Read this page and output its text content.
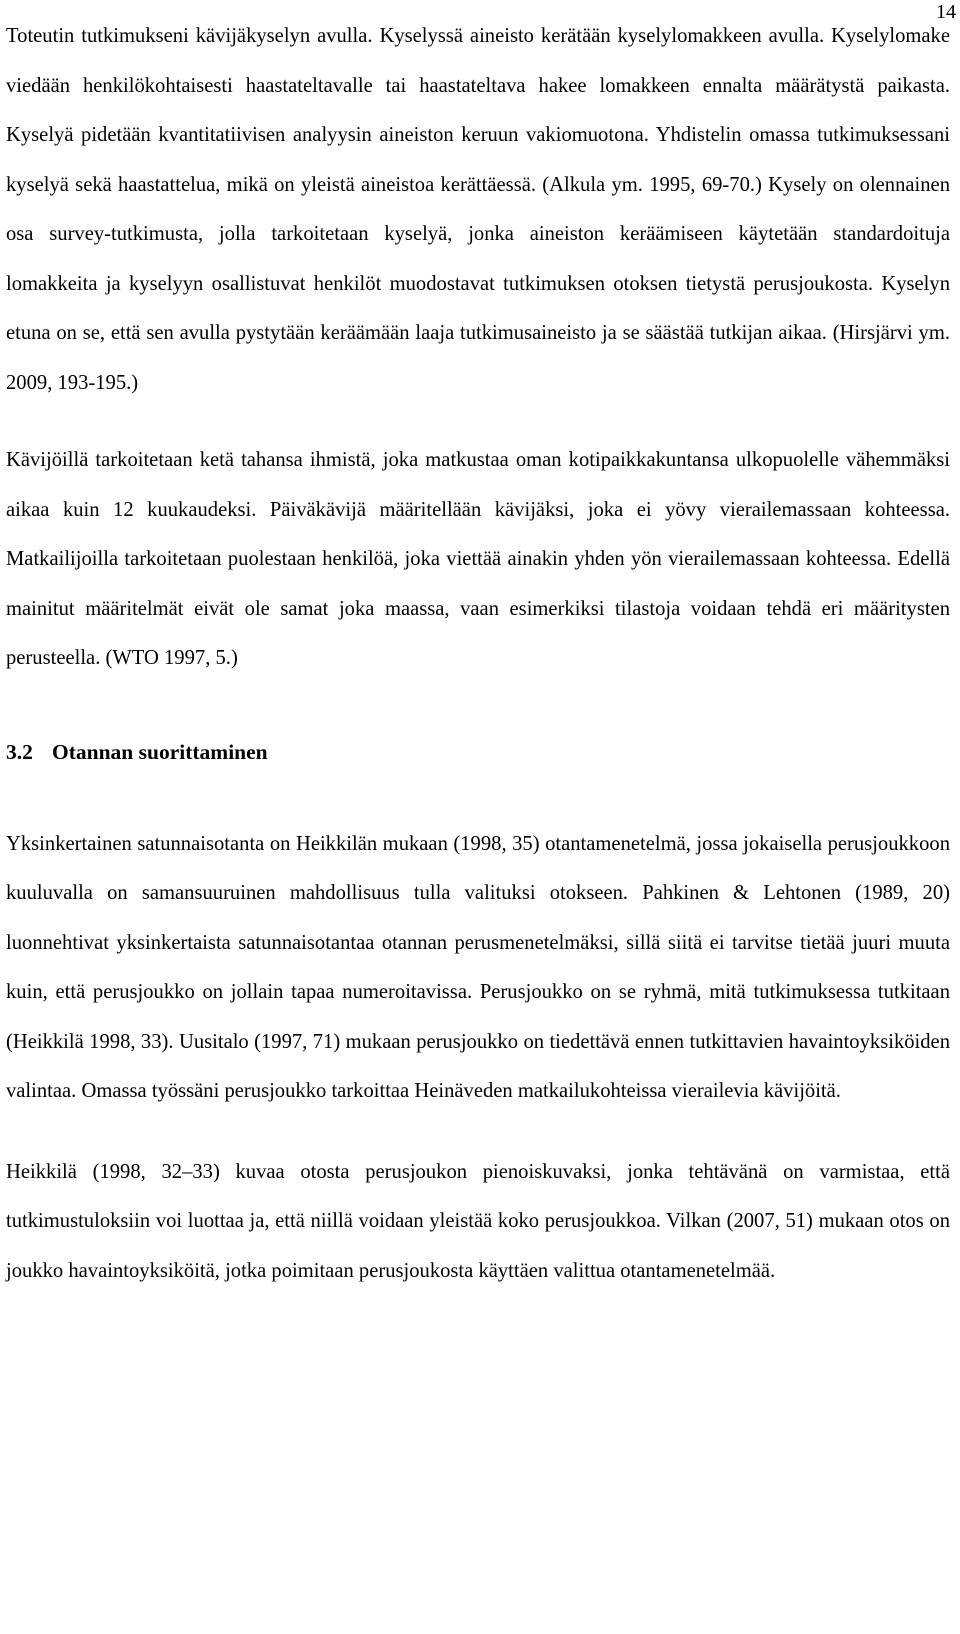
14

Toteutin tutkimukseni kävijäkyselyn avulla. Kyselyssä aineisto kerätään kyselylomakkeen avulla. Kyselylomake viedään henkilökohtaisesti haastateltavalle tai haastateltava hakee lomakkeen ennalta määrätystä paikasta. Kyselyä pidetään kvantitatiivisen analyysin aineiston keruun vakiomuotona. Yhdistelin omassa tutkimuksessani kyselyä sekä haastattelua, mikä on yleistä aineistoa kerättäessä. (Alkula ym. 1995, 69-70.) Kysely on olennainen osa survey-tutkimusta, jolla tarkoitetaan kyselyä, jonka aineiston keräämiseen käytetään standardoituja lomakkeita ja kyselyyn osallistuvat henkilöt muodostavat tutkimuksen otoksen tietystä perusjoukosta. Kyselyn etuna on se, että sen avulla pystytään keräämään laaja tutkimusaineisto ja se säästää tutkijan aikaa. (Hirsjärvi ym. 2009, 193-195.)

Kävijöillä tarkoitetaan ketä tahansa ihmistä, joka matkustaa oman kotipaikkakuntansa ulkopuolelle vähemmäksi aikaa kuin 12 kuukaudeksi. Päiväkävijä määritellään kävijäksi, joka ei yövy vierailemassaan kohteessa. Matkailijoilla tarkoitetaan puolestaan henkilöä, joka viettää ainakin yhden yön vierailemassaan kohteessa. Edellä mainitut määritelmät eivät ole samat joka maassa, vaan esimerkiksi tilastoja voidaan tehdä eri määritysten perusteella. (WTO 1997, 5.)

3.2 Otannan suorittaminen

Yksinkertainen satunnaisotanta on Heikkilän mukaan (1998, 35) otantamenetelmä, jossa jokaisella perusjoukkoon kuuluvalla on samansuuruinen mahdollisuus tulla valituksi otokseen. Pahkinen & Lehtonen (1989, 20) luonnehtivat yksinkertaista satunnaisotantaa otannan perusmenetelmäksi, sillä siitä ei tarvitse tietää juuri muuta kuin, että perusjoukko on jollain tapaa numeroitavissa. Perusjoukko on se ryhmä, mitä tutkimuksessa tutkitaan (Heikkilä 1998, 33). Uusitalo (1997, 71) mukaan perusjoukko on tiedettävä ennen tutkittavien havaintoyksiköiden valintaa. Omassa työssäni perusjoukko tarkoittaa Heinäveden matkailukohteissa vierailevia kävijöitä.

Heikkilä (1998, 32–33) kuvaa otosta perusjoukon pienoiskuvaksi, jonka tehtävänä on varmistaa, että tutkimustuloksiin voi luottaa ja, että niillä voidaan yleistää koko perusjoukkoa. Vilkan (2007, 51) mukaan otos on joukko havaintoyksiköitä, jotka poimitaan perusjoukosta käyttäen valittua otantamenetelmää.
